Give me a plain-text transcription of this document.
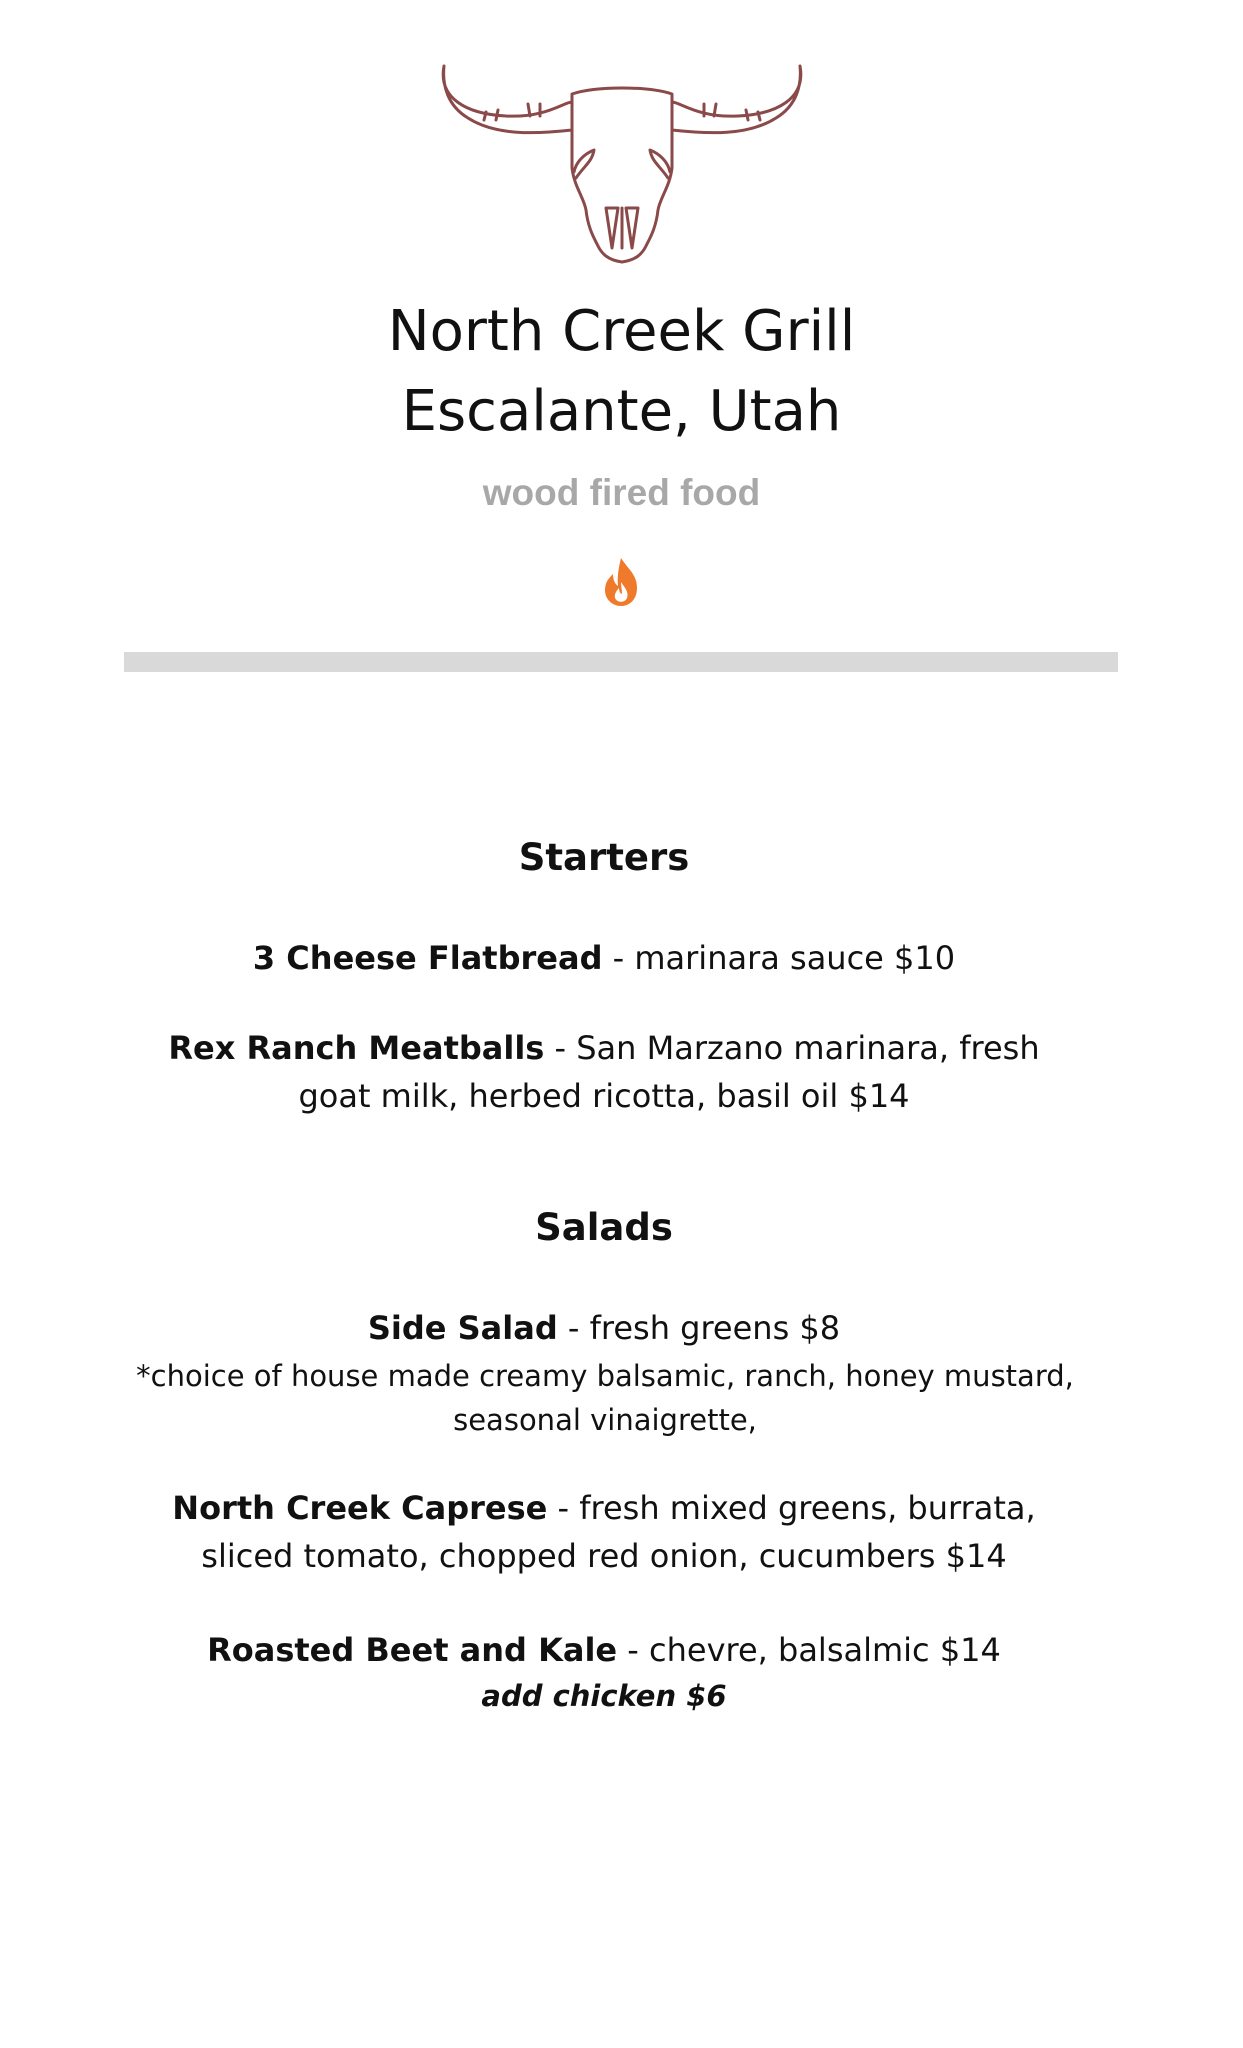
North Creek Grill
Escalante, Utah
wood fired food
Starters
3 Cheese Flatbread - marinara sauce $10
Rex Ranch Meatballs - San Marzano marinara, fresh goat milk, herbed ricotta, basil oil $14
Salads
Side Salad - fresh greens $8
*choice of house made creamy balsamic, ranch, honey mustard, seasonal vinaigrette,
North Creek Caprese - fresh mixed greens, burrata, sliced tomato, chopped red onion, cucumbers $14
Roasted Beet and Kale - chevre, balsalmic $14
add chicken $6
